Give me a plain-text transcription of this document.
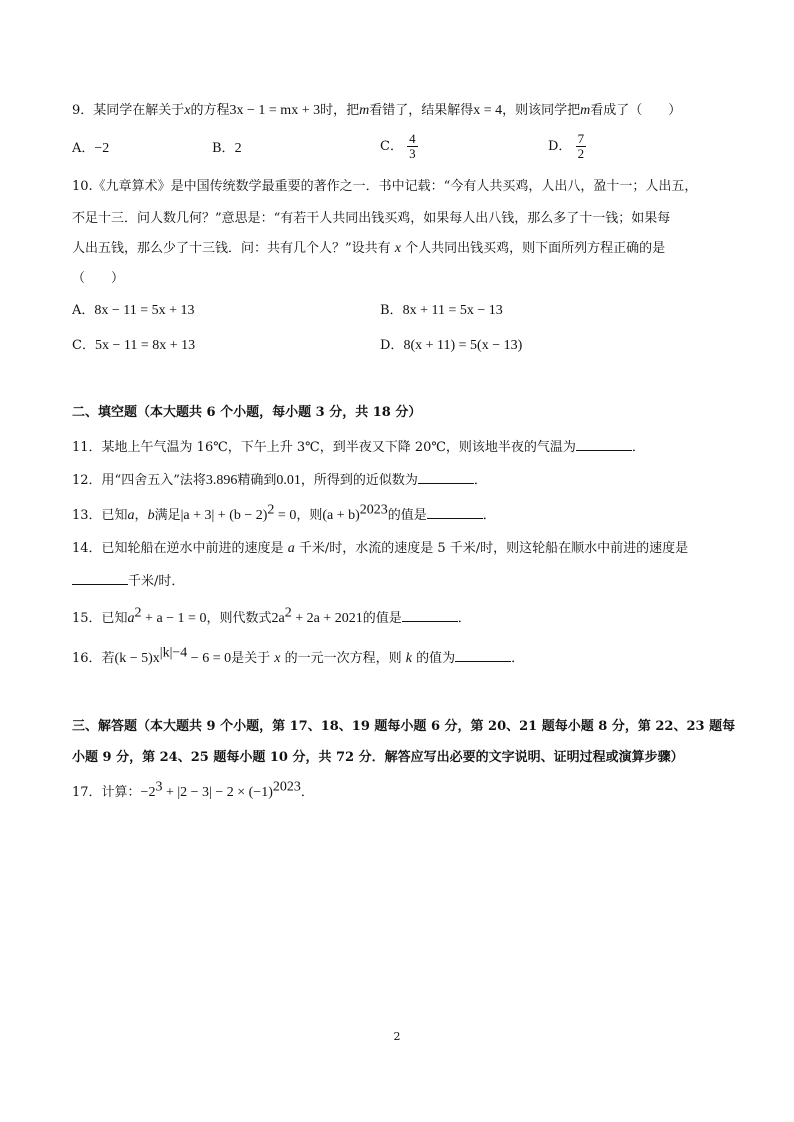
9．某同学在解关于x的方程3x − 1 = mx + 3时，把m看错了，结果解得x = 4，则该同学把m看成了（　　）
A．−2	B．2	C． $\frac{4}{3}$	D． $\frac{7}{2}$
10.《九章算术》是中国传统数学最重要的著作之一．书中记载：“今有人共买鸡，人出八，盈十一；人出五，
不足十三．问人数几何？”意思是：“有若干人共同出钱买鸡，如果每人出八钱，那么多了十一钱；如果每
人出五钱，那么少了十三钱．问：共有几个人？”设共有 x 个人共同出钱买鸡，则下面所列方程正确的是
（　　）
A．8x − 11 = 5x + 13	B．8x + 11 = 5x − 13
C．5x − 11 = 8x + 13	D．8(x + 11) = 5(x − 13)
二、填空题（本大题共 6 个小题，每小题 3 分，共 18 分）
11．某地上午气温为 16℃，下午上升 3℃，到半夜又下降 20℃，则该地半夜的气温为	．
12．用“四舍五入”法将3.896精确到0.01，所得到的近似数为	．
13．已知a，b满足$|a + 3| + (b - 2)^2 = 0$，则$(a + b)^{2023}$的值是	．
14．已知轮船在逆水中前进的速度是 a 千米/时，水流的速度是 5 千米/时，则这轮船在顺水中前进的速度是
千米/时．
15．已知$a^2 + a - 1 = 0$，则代数式$2a^2 + 2a + 2021$的值是	．
16．若$(k - 5)x^{|k|-4} - 6 = 0$是关于 x 的一元一次方程，则 k 的值为	．
三、解答题（本大题共 9 个小题，第 17、18、19 题每小题 6 分，第 20、21 题每小题 8 分，第 22、23 题每
小题 9 分，第 24、25 题每小题 10 分，共 72 分．解答应写出必要的文字说明、证明过程或演算步骤）
17．计算：$-2^3 + |2 - 3| - 2 \times (-1)^{2023}$．
2
